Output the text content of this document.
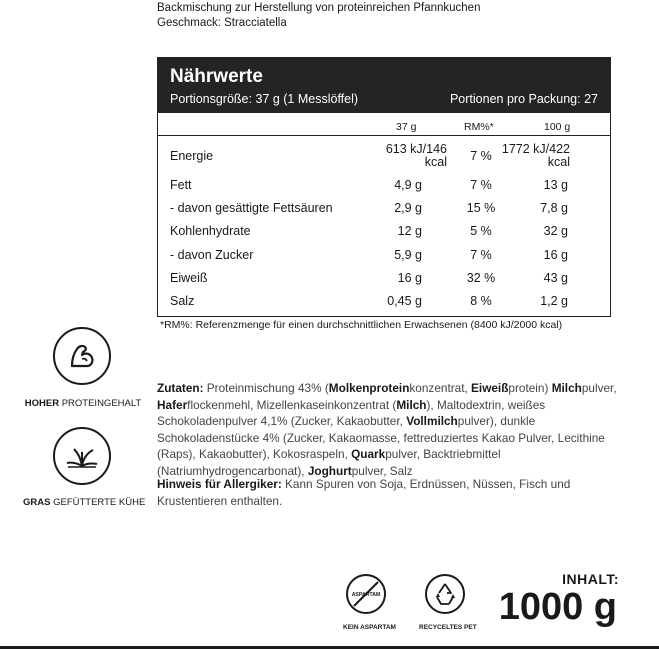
Backmischung zur Herstellung von proteinreichen Pfannkuchen
Geschmack: Stracciatella
Nährwerte
Portionsgröße: 37 g (1 Messlöffel)	Portionen pro Packung: 27
37 g	RM%*	100 g
Energie	613 kJ/146 kcal	7 % 1772 kJ/422 kcal
Fett	4,9 g	7 %	13 g
- davon gesättigte Fettsäuren	2,9 g	15 %	7,8 g
Kohlenhydrate	12 g	5 %	32 g
- davon Zucker	5,9 g	7 %	16 g
Eiweiß	16 g	32 %	43 g
Salz	0,45 g	8 %	1,2 g
*RM%: Referenzmenge für einen durchschnittlichen Erwachsenen (8400 kJ/2000 kcal)
HOHER PROTEINGEHALT
GRAS GEFÜTTERTE KÜHE
Zutaten: Proteinmischung 43% (Molkenproteinkonzentrat, Eiweißprotein) Milchpulver, Haferflockenmehl, Mizellenkaseinkonzentrat (Milch), Maltodextrin, weißes Schokoladenpulver 4,1% (Zucker, Kakaobutter, Vollmilchpulver), dunkle Schokoladenstücke 4% (Zucker, Kakaomasse, fettreduziertes Kakao Pulver, Lecithine (Raps), Kakaobutter), Kokosraspeln, Quarkpulver, Backtriebmittel (Natriumhydrogencarbonat), Joghurtpulver, Salz
Hinweis für Allergiker: Kann Spuren von Soja, Erdnüssen, Nüssen, Fisch und Krustentieren enthalten.
ASPARTAM
KEIN ASPARTAM	RECYCELTES PET
INHALT:
1000 g
